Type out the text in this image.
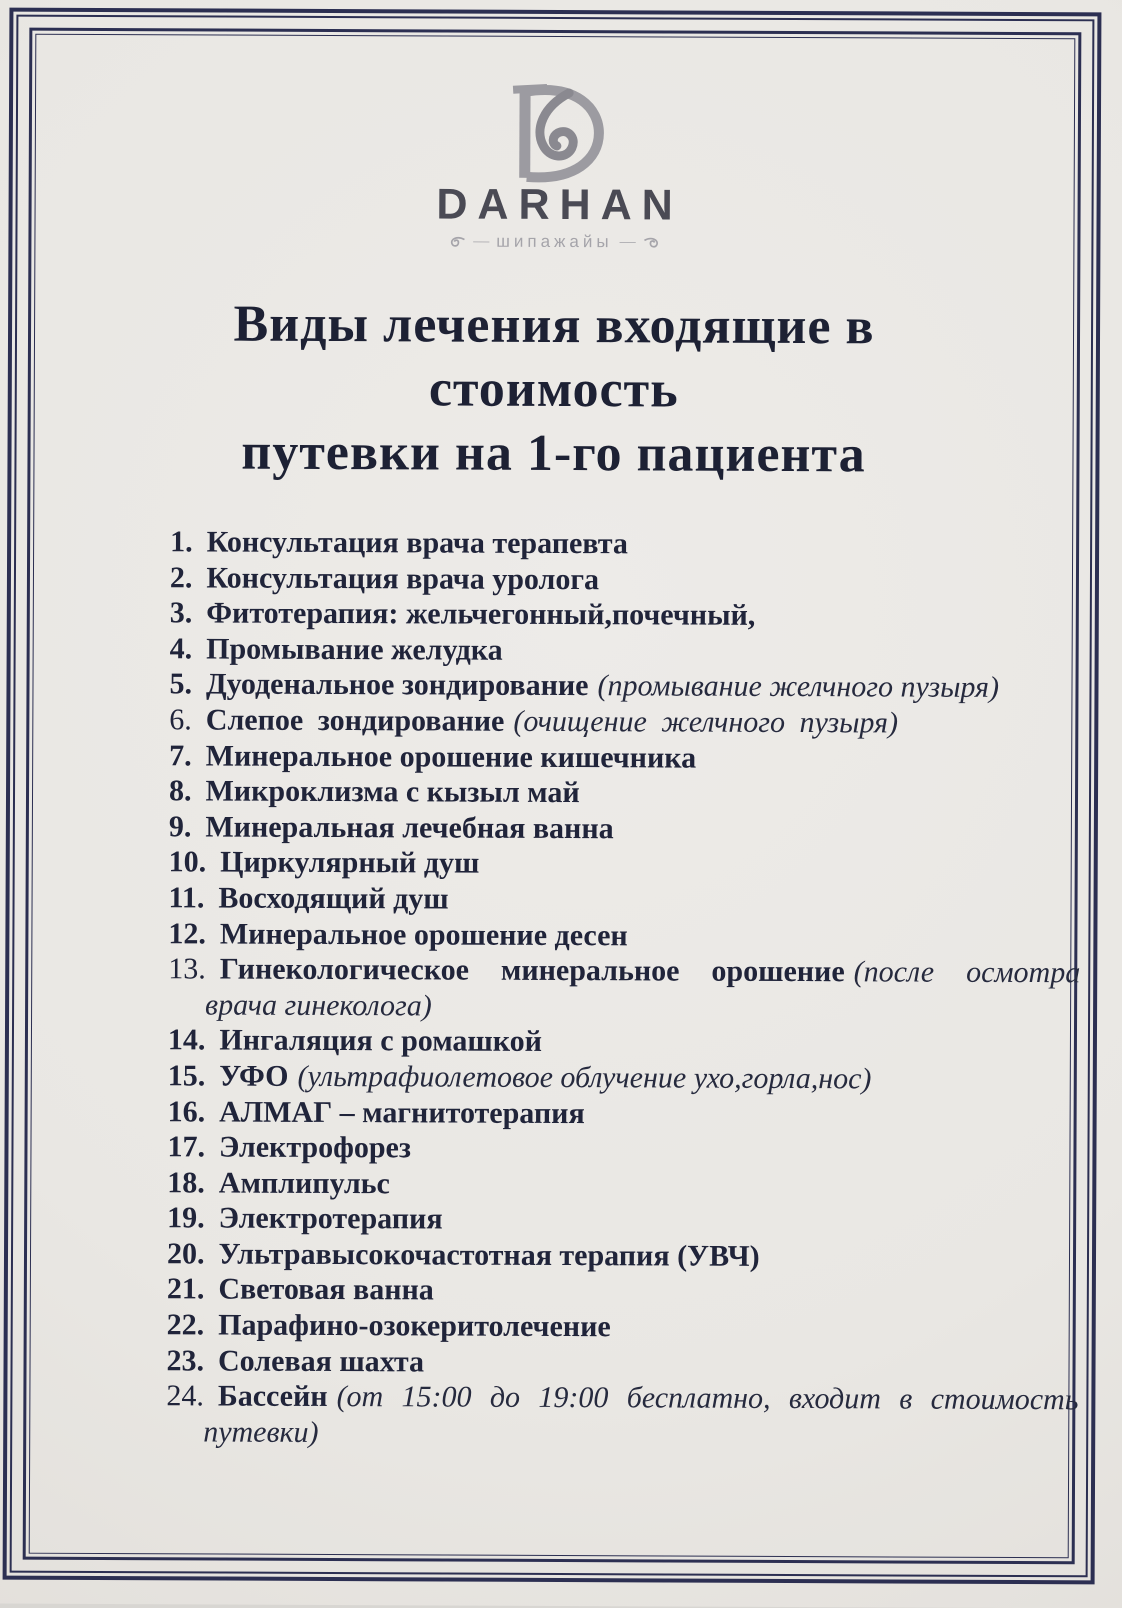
DARHAN
— шипажайы —
Виды лечения входящие в
стоимость
путевки на 1-го пациента
1. Консультация врача терапевта
2. Консультация врача уролога
3. Фитотерапия: жельчегонный,почечный,
4. Промывание желудка
5. Дуоденальное зондирование (промывание желчного пузыря)
6. Слепое зондирование (очищение желчного пузыря)
7. Минеральное орошение кишечника
8. Микроклизма с кызыл май
9. Минеральная лечебная ванна
10. Циркулярный душ
11. Восходящий душ
12. Минеральное орошение десен
13. Гинекологическое минеральное орошение (после осмотра врача гинеколога)
14. Ингаляция с ромашкой
15. УФО (ультрафиолетовое облучение ухо,горла,нос)
16. АЛМАГ – магнитотерапия
17. Электрофорез
18. Амплипульс
19. Электротерапия
20. Ультравысокочастотная терапия (УВЧ)
21. Световая ванна
22. Парафино-озокеритолечение
23. Солевая шахта
24. Бассейн (от 15:00 до 19:00 бесплатно, входит в стоимость путевки)
